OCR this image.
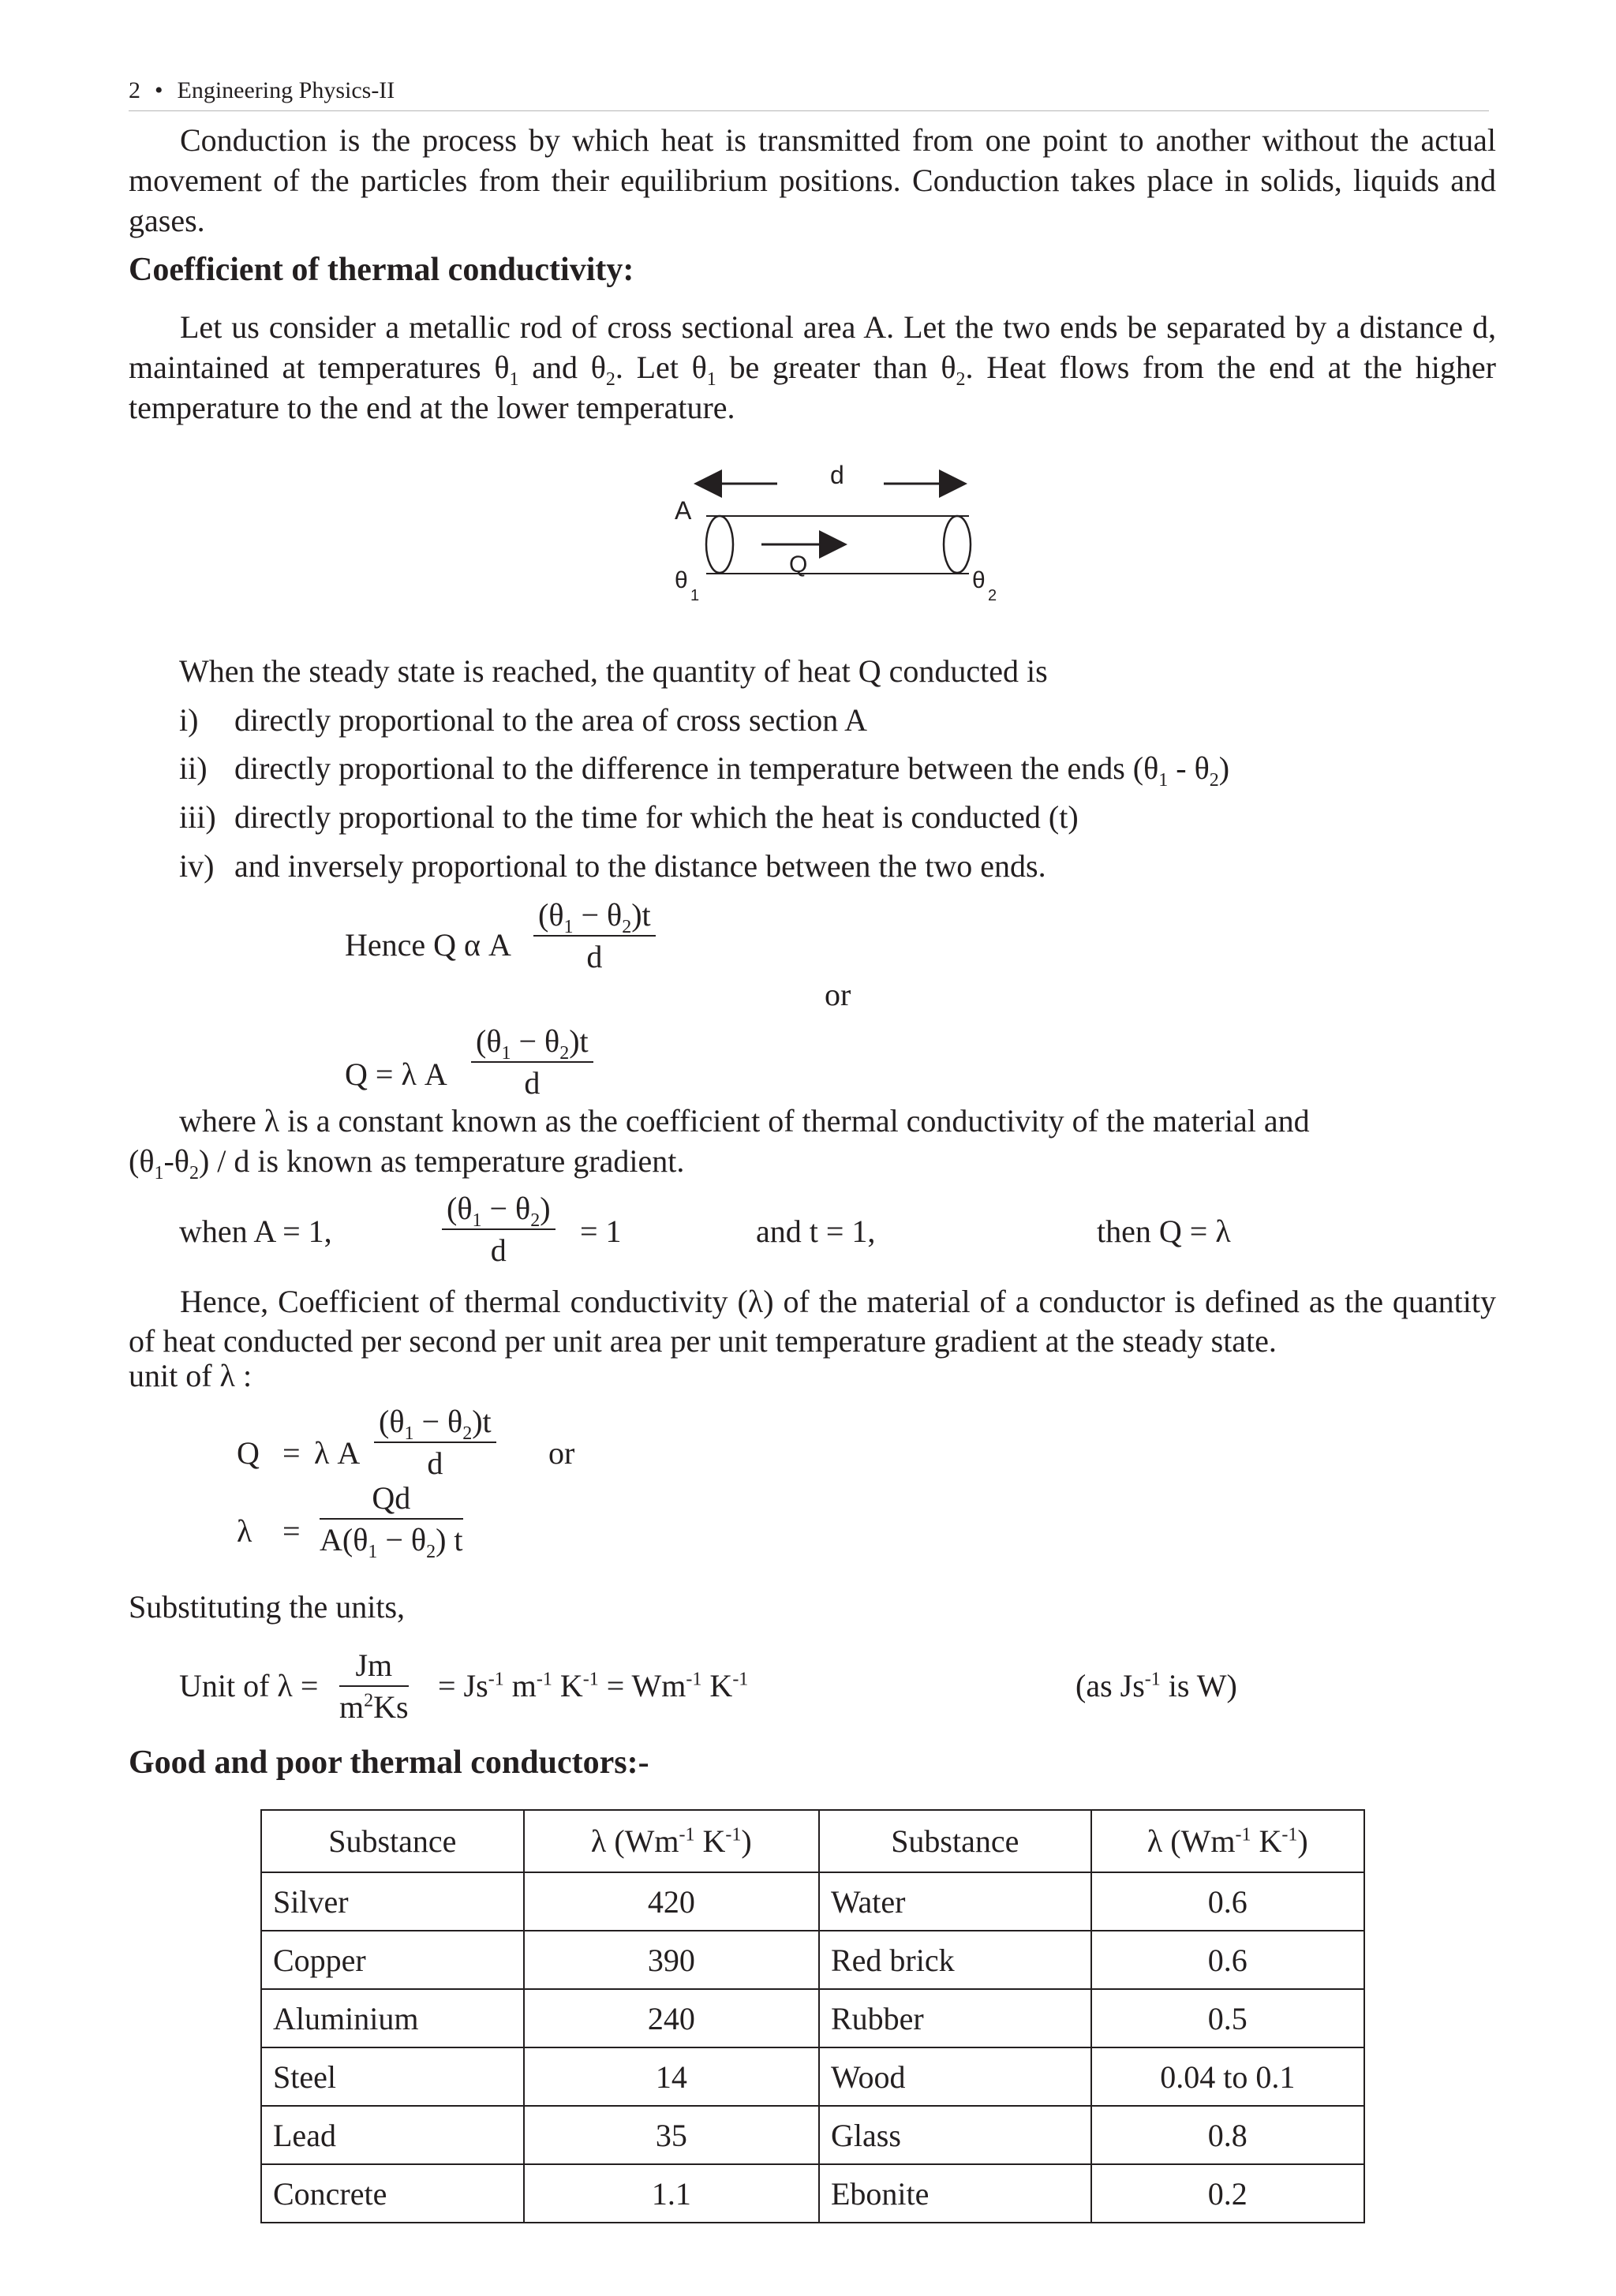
2 • Engineering Physics-II
Conduction is the process by which heat is transmitted from one point to another without the actual movement of the particles from their equilibrium positions. Conduction takes place in solids, liquids and gases.
Coefficient of thermal conductivity:
Let us consider a metallic rod of cross sectional area A. Let the two ends be separated by a distance d, maintained at temperatures $\theta_1$ and $\theta_2$. Let $\theta_1$ be greater than $\theta_2$. Heat flows from the end at the higher temperature to the end at the lower temperature.
d
A
Q
θ
1
θ
2
When the steady state is reached, the quantity of heat Q conducted is
i) directly proportional to the area of cross section A
ii) directly proportional to the difference in temperature between the ends $(\theta_1 - \theta_2)$
iii) directly proportional to the time for which the heat is conducted (t)
iv) and inversely proportional to the distance between the two ends.
Hence Q α A
$(\theta_1 - \theta_2)t$
d
or
Q = λ A
$(\theta_1 - \theta_2)t$
d
where λ is a constant known as the coefficient of thermal conductivity of the material and
$(\theta_1-\theta_2)$ / d is known as temperature gradient.
when A = 1,
$(\theta_1 - \theta_2)$
d
= 1	and t = 1,	then Q = λ
Hence, Coefficient of thermal conductivity (λ) of the material of a conductor is defined as the quantity of heat conducted per second per unit area per unit temperature gradient at the steady state.
unit of λ :
Q = λ A
$(\theta_1 - \theta_2)t$
d	or
λ =
Qd
$A(\theta_1 - \theta_2)$ t
Substituting the units,
Unit of λ =
Jm
$m^2Ks$
= $Js^{-1}$ $m^{-1}$ $K^{-1} = Wm^{-1}$ $K^{-1}$	(as $Js^{-1}$ is W)
Good and poor thermal conductors:-
Substance	λ ($Wm^{-1}$ $K^{-1}$)	Substance	λ ($Wm^{-1}$ $K^{-1}$)
Silver	420	Water	0.6
Copper	390	Red brick	0.6
Aluminium	240	Rubber	0.5
Steel	14	Wood	0.04 to 0.1
Lead	35	Glass	0.8
Concrete	1.1	Ebonite	0.2
